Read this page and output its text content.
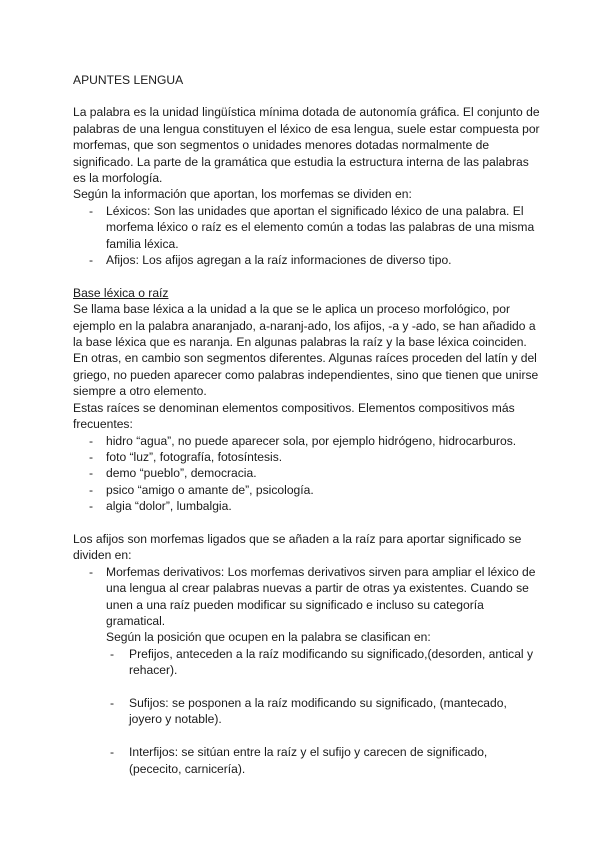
APUNTES LENGUA

La palabra es la unidad lingüística mínima dotada de autonomía gráfica. El conjunto de palabras de una lengua constituyen el léxico de esa lengua, suele estar compuesta por morfemas, que son segmentos o unidades menores dotadas normalmente de significado. La parte de la gramática que estudia la estructura interna de las palabras es la morfología.

Según la información que aportan, los morfemas se dividen en:

- Léxicos: Son las unidades que aportan el significado léxico de una palabra. El morfema léxico o raíz es el elemento común a todas las palabras de una misma familia léxica.
- Afijos: Los afijos agregan a la raíz informaciones de diverso tipo.

Base léxica o raíz

Se llama base léxica a la unidad a la que se le aplica un proceso morfológico, por ejemplo en la palabra anaranjado, a-naranj-ado, los afijos, -a y -ado, se han añadido a la base léxica que es naranja. En algunas palabras la raíz y la base léxica coinciden. En otras, en cambio son segmentos diferentes. Algunas raíces proceden del latín y del griego, no pueden aparecer como palabras independientes, sino que tienen que unirse siempre a otro elemento.

Estas raíces se denominan elementos compositivos. Elementos compositivos más frecuentes:

- hidro “agua”, no puede aparecer sola, por ejemplo hidrógeno, hidrocarburos.
- foto “luz”, fotografía, fotosíntesis.
- demo “pueblo”, democracia.
- psico “amigo o amante de”, psicología.
- algia “dolor”, lumbalgia.

Los afijos son morfemas ligados que se añaden a la raíz para aportar significado se dividen en:

- Morfemas derivativos: Los morfemas derivativos sirven para ampliar el léxico de una lengua al crear palabras nuevas a partir de otras ya existentes. Cuando se unen a una raíz pueden modificar su significado e incluso su categoría gramatical.
Según la posición que ocupen en la palabra se clasifican en:
- Prefijos, anteceden a la raíz modificando su significado,(desorden, antical y rehacer).
- Sufijos: se posponen a la raíz modificando su significado, (mantecado, joyero y notable).
- Interfijos: se sitúan entre la raíz y el sufijo y carecen de significado, (pececito, carnicería).
